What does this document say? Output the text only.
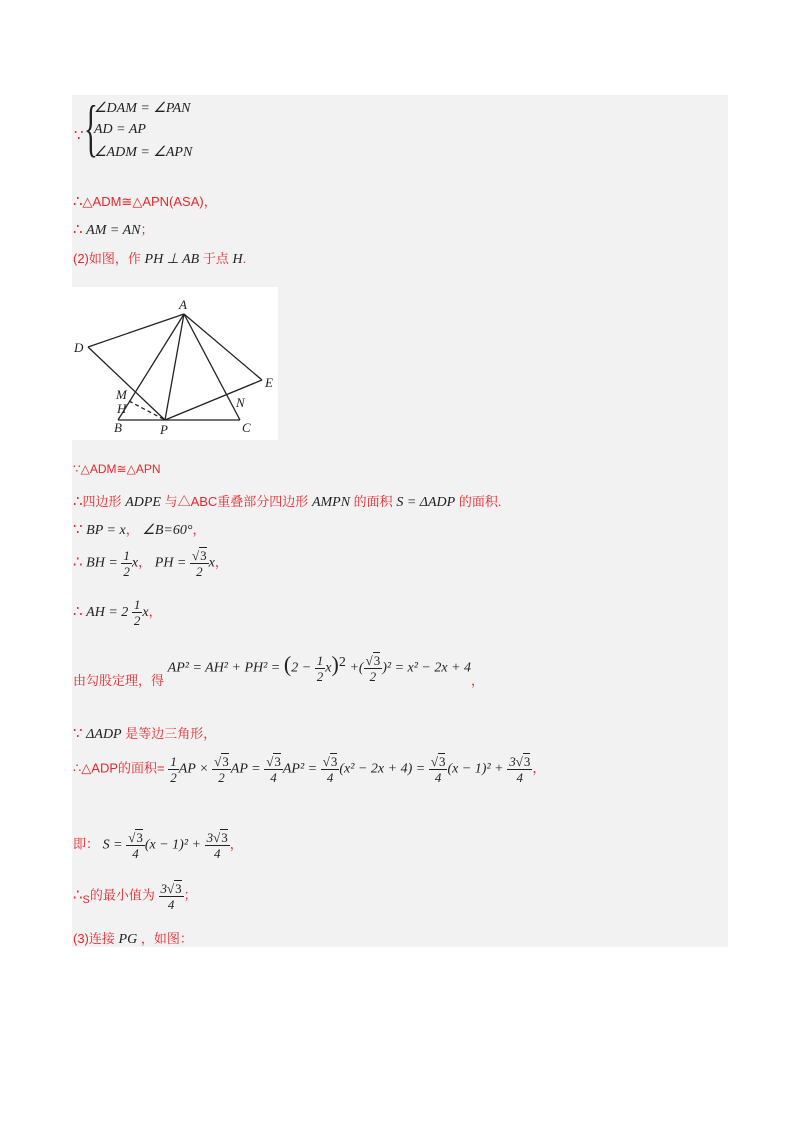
∵ {
∠DAM = ∠PAN
AD = AP
∠ADM = ∠APN
∴△ADM≅△APN(ASA)，
∴ AM = AN；
(2)如图，作 PH ⊥ AB 于点 H.
A
D
E
M
H
B	P
N
C
∵△ADM≅△APN
∴四边形 ADPE 与△ABC重叠部分四边形 AMPN 的面积 S = ΔADP 的面积.
∵ BP = x， ∠B=60°，
∴ BH = $\frac{1}{2}$ x， PH = $\frac{√3}{2}$ x，
∴ AH = $2 \frac{1}{2}$ x，
由勾股定理，得 $AP^2 = AH^2 + PH^2 = (2 - \frac{1}{2} x)^2$ +( $\frac{√3}{2} )^2 = x^2 - 2x + 4$，
∵ ΔADP 是等边三角形，
∴△ADP的面积= $\frac{1}{2}$ AP × $\frac{√3}{2}$ AP = $\frac{√3}{4} AP^2 = \frac{√3}{4} (x^2 - 2x + 4) = \frac{√3}{4} (x - 1)^2 + \frac{3√3}{4}$ ，
即： $S = \frac{√3}{4} (x - 1)^2 + \frac{3√3}{4}$ ，
$\therefore_S$的最小值为 $\frac{3√3}{4}$ ；
(3)连接 PG ，如图：
